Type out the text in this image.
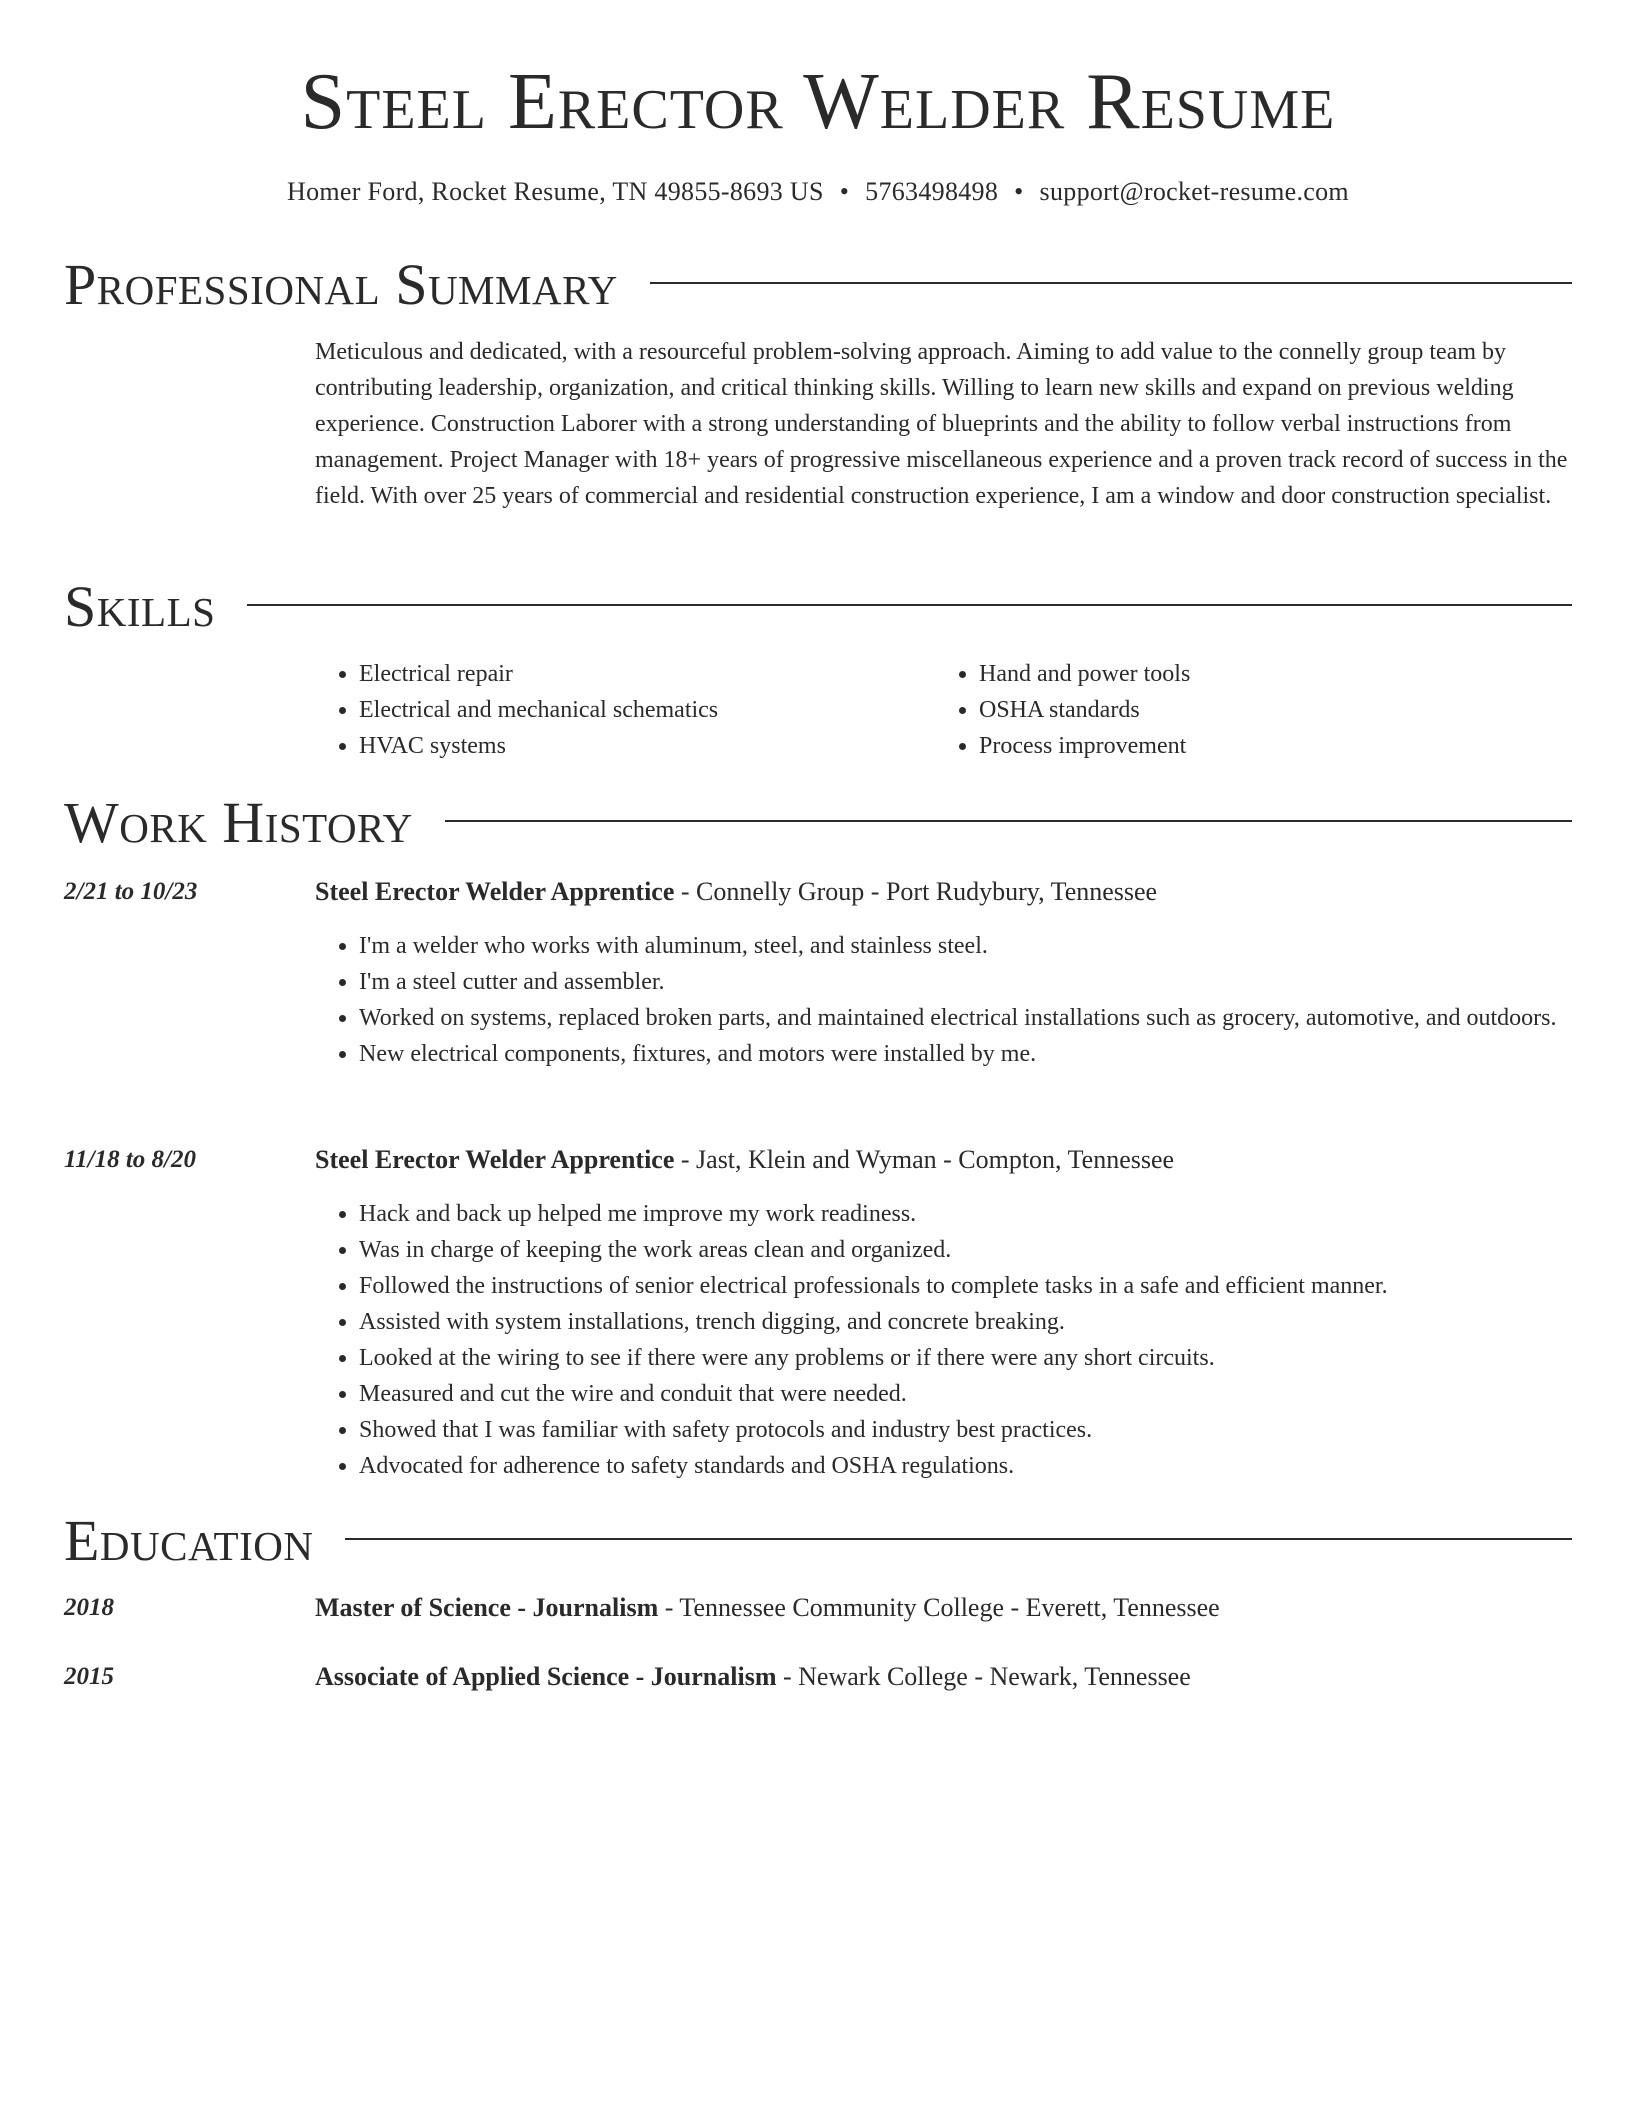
Steel Erector Welder Resume
Homer Ford, Rocket Resume, TN 49855-8693 US • 5763498498 • support@rocket-resume.com
Professional Summary

Meticulous and dedicated, with a resourceful problem-solving approach. Aiming to add value to the connelly group team by contributing leadership, organization, and critical thinking skills. Willing to learn new skills and expand on previous welding experience. Construction Laborer with a strong understanding of blueprints and the ability to follow verbal instructions from management. Project Manager with 18+ years of progressive miscellaneous experience and a proven track record of success in the field. With over 25 years of commercial and residential construction experience, I am a window and door construction specialist.

Skills
• Electrical repair
• Electrical and mechanical schematics
• HVAC systems
• Hand and power tools
• OSHA standards
• Process improvement
Work History
2/21 to 10/23	Steel Erector Welder Apprentice - Connelly Group - Port Rudybury, Tennessee
• I'm a welder who works with aluminum, steel, and stainless steel.
• I'm a steel cutter and assembler.
• Worked on systems, replaced broken parts, and maintained electrical installations such as grocery, automotive, and outdoors.
• New electrical components, fixtures, and motors were installed by me.
11/18 to 8/20	Steel Erector Welder Apprentice - Jast, Klein and Wyman - Compton, Tennessee
• Hack and back up helped me improve my work readiness.
• Was in charge of keeping the work areas clean and organized.
• Followed the instructions of senior electrical professionals to complete tasks in a safe and efficient manner.
• Assisted with system installations, trench digging, and concrete breaking.
• Looked at the wiring to see if there were any problems or if there were any short circuits.
• Measured and cut the wire and conduit that were needed.
• Showed that I was familiar with safety protocols and industry best practices.
• Advocated for adherence to safety standards and OSHA regulations.
Education
2018	Master of Science - Journalism - Tennessee Community College - Everett, Tennessee
2015	Associate of Applied Science - Journalism - Newark College - Newark, Tennessee
